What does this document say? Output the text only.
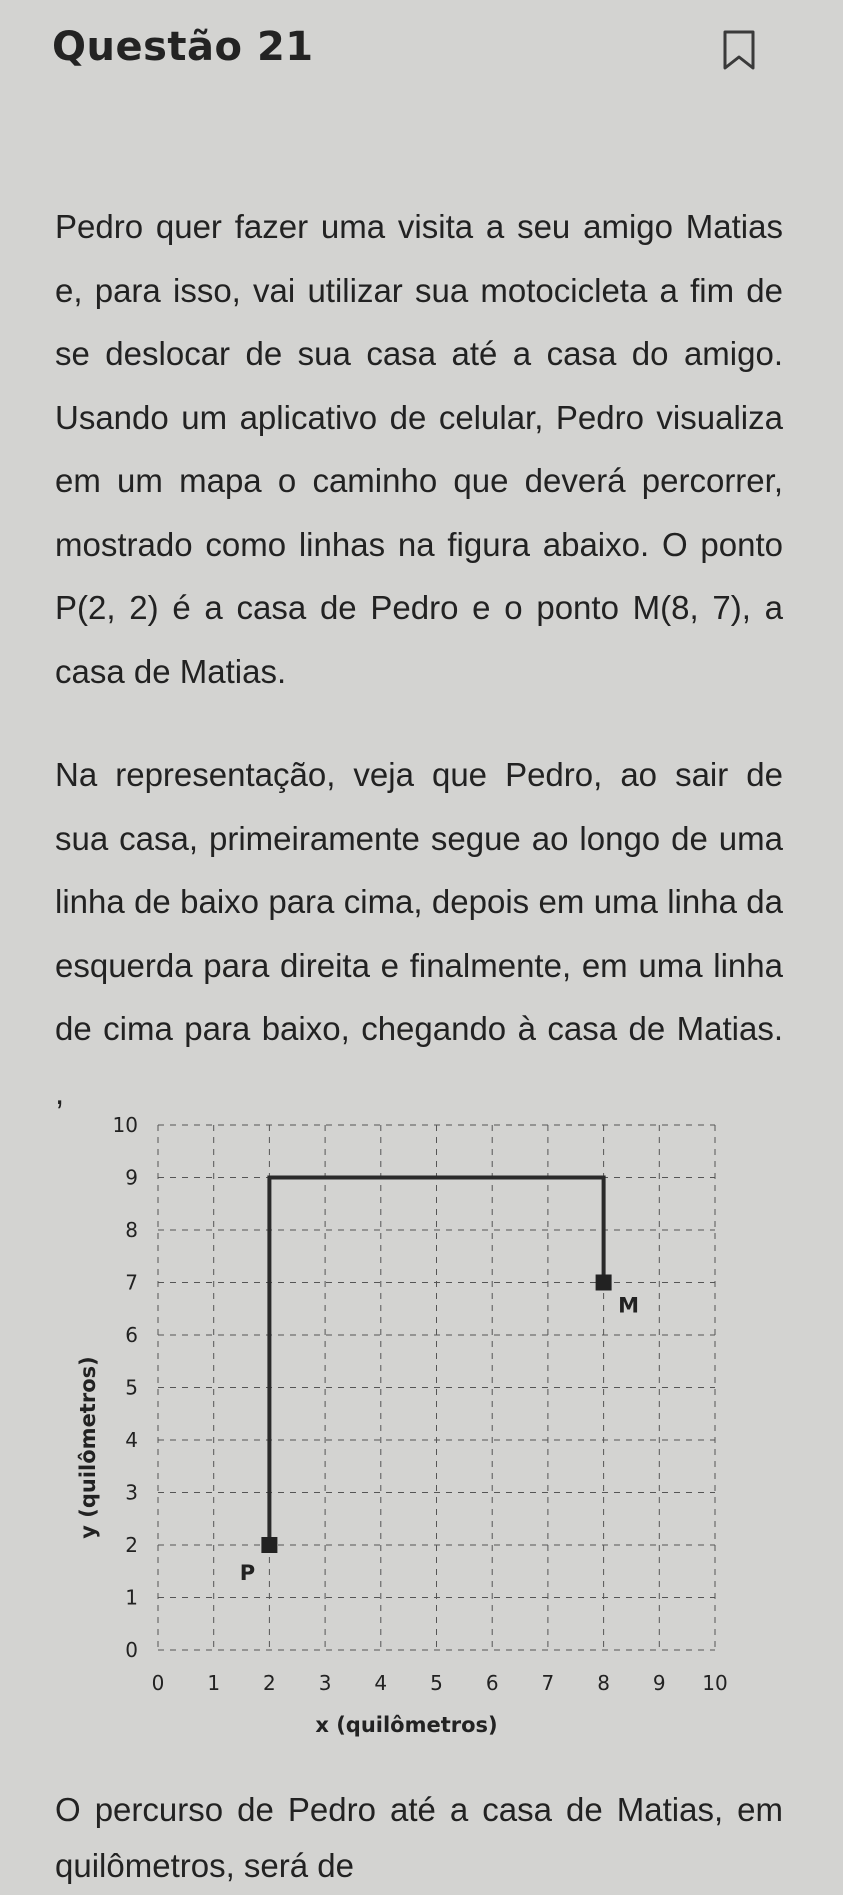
Questão 21
Pedro quer fazer uma visita a seu amigo Matias e, para isso, vai utilizar sua motocicleta a fim de se deslocar de sua casa até a casa do amigo. Usando um aplicativo de celular, Pedro visualiza em um mapa o caminho que deverá percorrer, mostrado como linhas na figura abaixo. O ponto P(2, 2) é a casa de Pedro e o ponto M(8, 7), a casa de Matias.
Na representação, veja que Pedro, ao sair de sua casa, primeiramente segue ao longo de uma linha de baixo para cima, depois em uma linha da esquerda para direita e finalmente, em uma linha de cima para baixo, chegando à casa de Matias. ,
0 1 2 3 4 5 6 7 8 9 10
0
1
2
3
4
5
6
7
8
9
10
x (quilômetros)
y (quilômetros)
P
M
O percurso de Pedro até a casa de Matias, em quilômetros, será de
